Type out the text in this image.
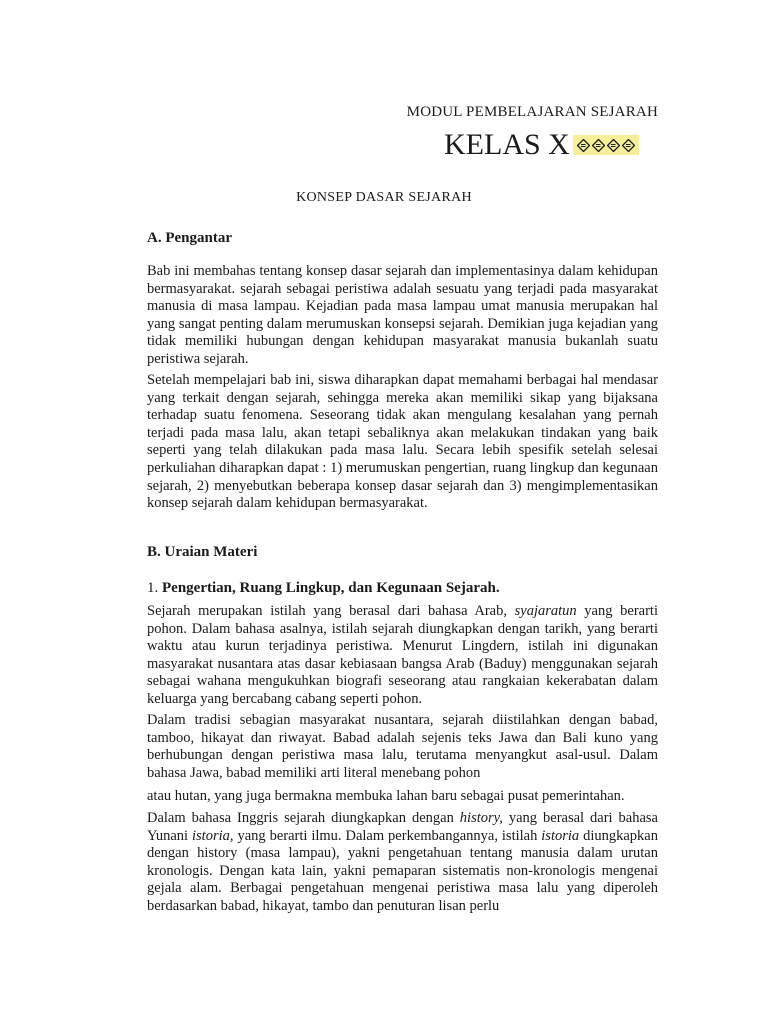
MODUL PEMBELAJARAN SEJARAH
KELAS X
KONSEP DASAR SEJARAH
A. Pengantar
Bab ini membahas tentang konsep dasar sejarah dan implementasinya dalam kehidupan bermasyarakat. sejarah sebagai peristiwa adalah sesuatu yang terjadi pada masyarakat manusia di masa lampau. Kejadian pada masa lampau umat manusia merupakan hal yang sangat penting dalam merumuskan konsepsi sejarah. Demikian juga kejadian yang tidak memiliki hubungan dengan kehidupan masyarakat manusia bukanlah suatu peristiwa sejarah.
Setelah mempelajari bab ini, siswa diharapkan dapat memahami berbagai hal mendasar yang terkait dengan sejarah, sehingga mereka akan memiliki sikap yang bijaksana terhadap suatu fenomena. Seseorang tidak akan mengulang kesalahan yang pernah terjadi pada masa lalu, akan tetapi sebaliknya akan melakukan tindakan yang baik seperti yang telah dilakukan pada masa lalu. Secara lebih spesifik setelah selesai perkuliahan diharapkan dapat : 1) merumuskan pengertian, ruang lingkup dan kegunaan sejarah, 2) menyebutkan beberapa konsep dasar sejarah dan 3) mengimplementasikan konsep sejarah dalam kehidupan bermasyarakat.
B. Uraian Materi
1. Pengertian, Ruang Lingkup, dan Kegunaan Sejarah.
Sejarah merupakan istilah yang berasal dari bahasa Arab, syajaratun yang berarti pohon. Dalam bahasa asalnya, istilah sejarah diungkapkan dengan tarikh, yang berarti waktu atau kurun terjadinya peristiwa. Menurut Lingdern, istilah ini digunakan masyarakat nusantara atas dasar kebiasaan bangsa Arab (Baduy) menggunakan sejarah sebagai wahana mengukuhkan biografi seseorang atau rangkaian kekerabatan dalam keluarga yang bercabang cabang seperti pohon.
Dalam tradisi sebagian masyarakat nusantara, sejarah diistilahkan dengan babad, tamboo, hikayat dan riwayat. Babad adalah sejenis teks Jawa dan Bali kuno yang berhubungan dengan peristiwa masa lalu, terutama menyangkut asal-usul. Dalam bahasa Jawa, babad memiliki arti literal menebang pohon
atau hutan, yang juga bermakna membuka lahan baru sebagai pusat pemerintahan.
Dalam bahasa Inggris sejarah diungkapkan dengan history, yang berasal dari bahasa Yunani istoria, yang berarti ilmu. Dalam perkembangannya, istilah istoria diungkapkan dengan history (masa lampau), yakni pengetahuan tentang manusia dalam urutan kronologis. Dengan kata lain, yakni pemaparan sistematis non-kronologis mengenai gejala alam. Berbagai pengetahuan mengenai peristiwa masa lalu yang diperoleh berdasarkan babad, hikayat, tambo dan penuturan lisan perlu
